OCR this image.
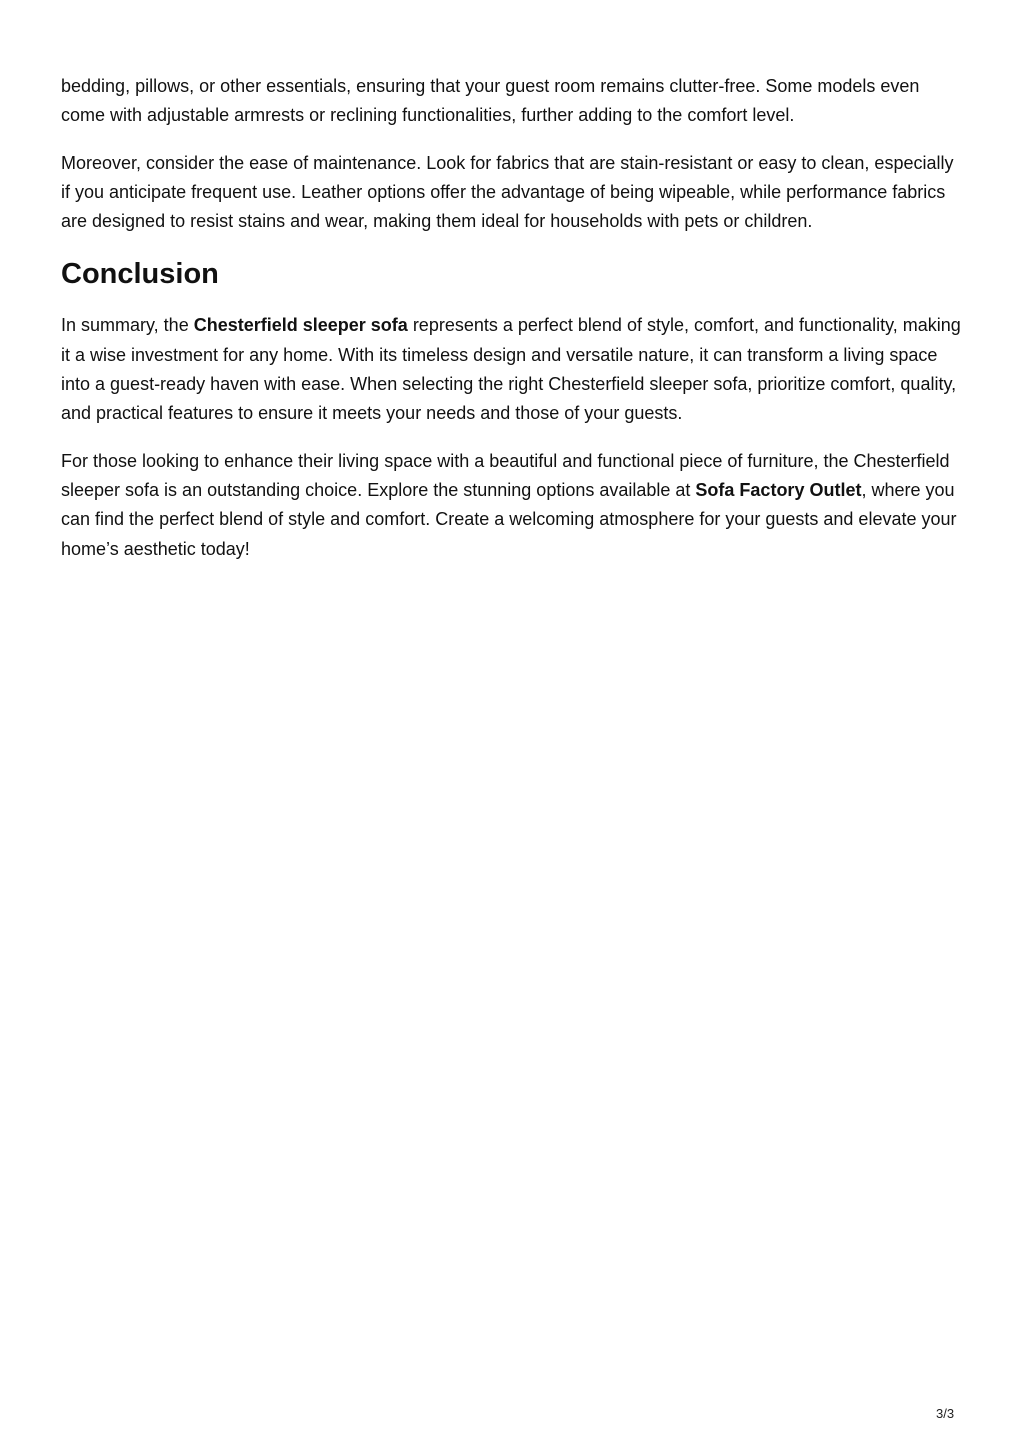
bedding, pillows, or other essentials, ensuring that your guest room remains clutter-free. Some models even come with adjustable armrests or reclining functionalities, further adding to the comfort level.

Moreover, consider the ease of maintenance. Look for fabrics that are stain-resistant or easy to clean, especially if you anticipate frequent use. Leather options offer the advantage of being wipeable, while performance fabrics are designed to resist stains and wear, making them ideal for households with pets or children.

Conclusion

In summary, the Chesterfield sleeper sofa represents a perfect blend of style, comfort, and functionality, making it a wise investment for any home. With its timeless design and versatile nature, it can transform a living space into a guest-ready haven with ease. When selecting the right Chesterfield sleeper sofa, prioritize comfort, quality, and practical features to ensure it meets your needs and those of your guests.

For those looking to enhance their living space with a beautiful and functional piece of furniture, the Chesterfield sleeper sofa is an outstanding choice. Explore the stunning options available at Sofa Factory Outlet, where you can find the perfect blend of style and comfort. Create a welcoming atmosphere for your guests and elevate your home’s aesthetic today!

3/3
